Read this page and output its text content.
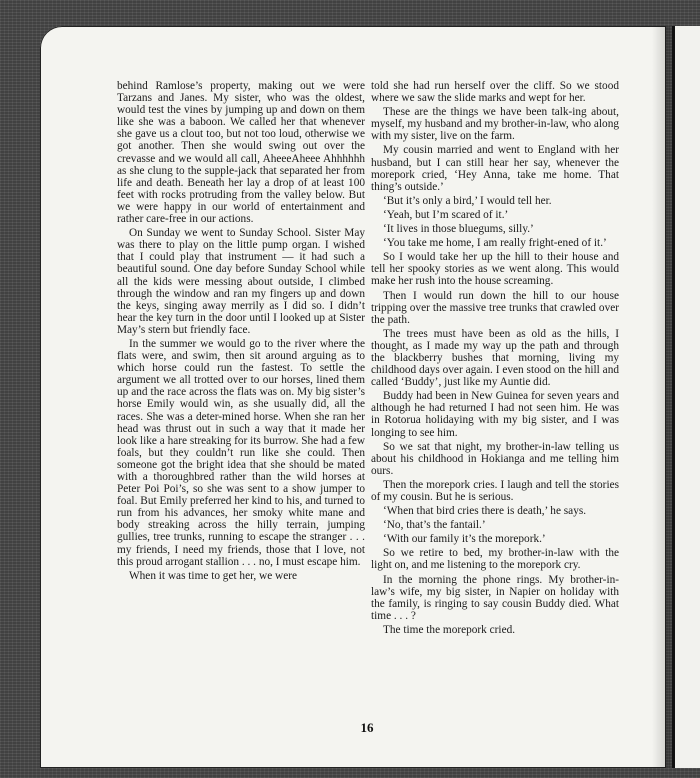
behind Ramlose’s property, making out we were Tarzans and Janes. My sister, who was the oldest, would test the vines by jumping up and down on them like she was a baboon. We called her that whenever she gave us a clout too, but not too loud, otherwise we got another. Then she would swing out over the crevasse and we would all call, AheeeAheee Ahhhhhh as she clung to the supple-jack that separated her from life and death. Beneath her lay a drop of at least 100 feet with rocks protruding from the valley below. But we were happy in our world of entertainment and rather care-free in our actions.

On Sunday we went to Sunday School. Sister May was there to play on the little pump organ. I wished that I could play that instrument — it had such a beautiful sound. One day before Sunday School while all the kids were messing about outside, I climbed through the window and ran my fingers up and down the keys, singing away merrily as I did so. I didn’t hear the key turn in the door until I looked up at Sister May’s stern but friendly face.

In the summer we would go to the river where the flats were, and swim, then sit around arguing as to which horse could run the fastest. To settle the argument we all trotted over to our horses, lined them up and the race across the flats was on. My big sister’s horse Emily would win, as she usually did, all the races. She was a deter-mined horse. When she ran her head was thrust out in such a way that it made her look like a hare streaking for its burrow. She had a few foals, but they couldn’t run like she could. Then someone got the bright idea that she should be mated with a thoroughbred rather than the wild horses at Peter Poi Poi’s, so she was sent to a show jumper to foal. But Emily preferred her kind to his, and turned to run from his advances, her smoky white mane and body streaking across the hilly terrain, jumping gullies, tree trunks, running to escape the stranger . . . my friends, I need my friends, those that I love, not this proud arrogant stallion . . . no, I must escape him.

When it was time to get her, we were

told she had run herself over the cliff. So we stood where we saw the slide marks and wept for her.

These are the things we have been talk-ing about, myself, my husband and my brother-in-law, who along with my sister, live on the farm.

My cousin married and went to England with her husband, but I can still hear her say, whenever the morepork cried, ‘Hey Anna, take me home. That thing’s outside.’

‘But it’s only a bird,’ I would tell her.

‘Yeah, but I’m scared of it.’

‘It lives in those bluegums, silly.’

‘You take me home, I am really fright-ened of it.’

So I would take her up the hill to their house and tell her spooky stories as we went along. This would make her rush into the house screaming.

Then I would run down the hill to our house tripping over the massive tree trunks that crawled over the path.

The trees must have been as old as the hills, I thought, as I made my way up the path and through the blackberry bushes that morning, living my childhood days over again. I even stood on the hill and called ‘Buddy’, just like my Auntie did.

Buddy had been in New Guinea for seven years and although he had returned I had not seen him. He was in Rotorua holidaying with my big sister, and I was longing to see him.

So we sat that night, my brother-in-law telling us about his childhood in Hokianga and me telling him ours.

Then the morepork cries. I laugh and tell the stories of my cousin. But he is serious.

‘When that bird cries there is death,’ he says.

‘No, that’s the fantail.’

‘With our family it’s the morepork.’

So we retire to bed, my brother-in-law with the light on, and me listening to the morepork cry.

In the morning the phone rings. My brother-in-law’s wife, my big sister, in Napier on holiday with the family, is ringing to say cousin Buddy died. What time . . . ?

The time the morepork cried.

16
